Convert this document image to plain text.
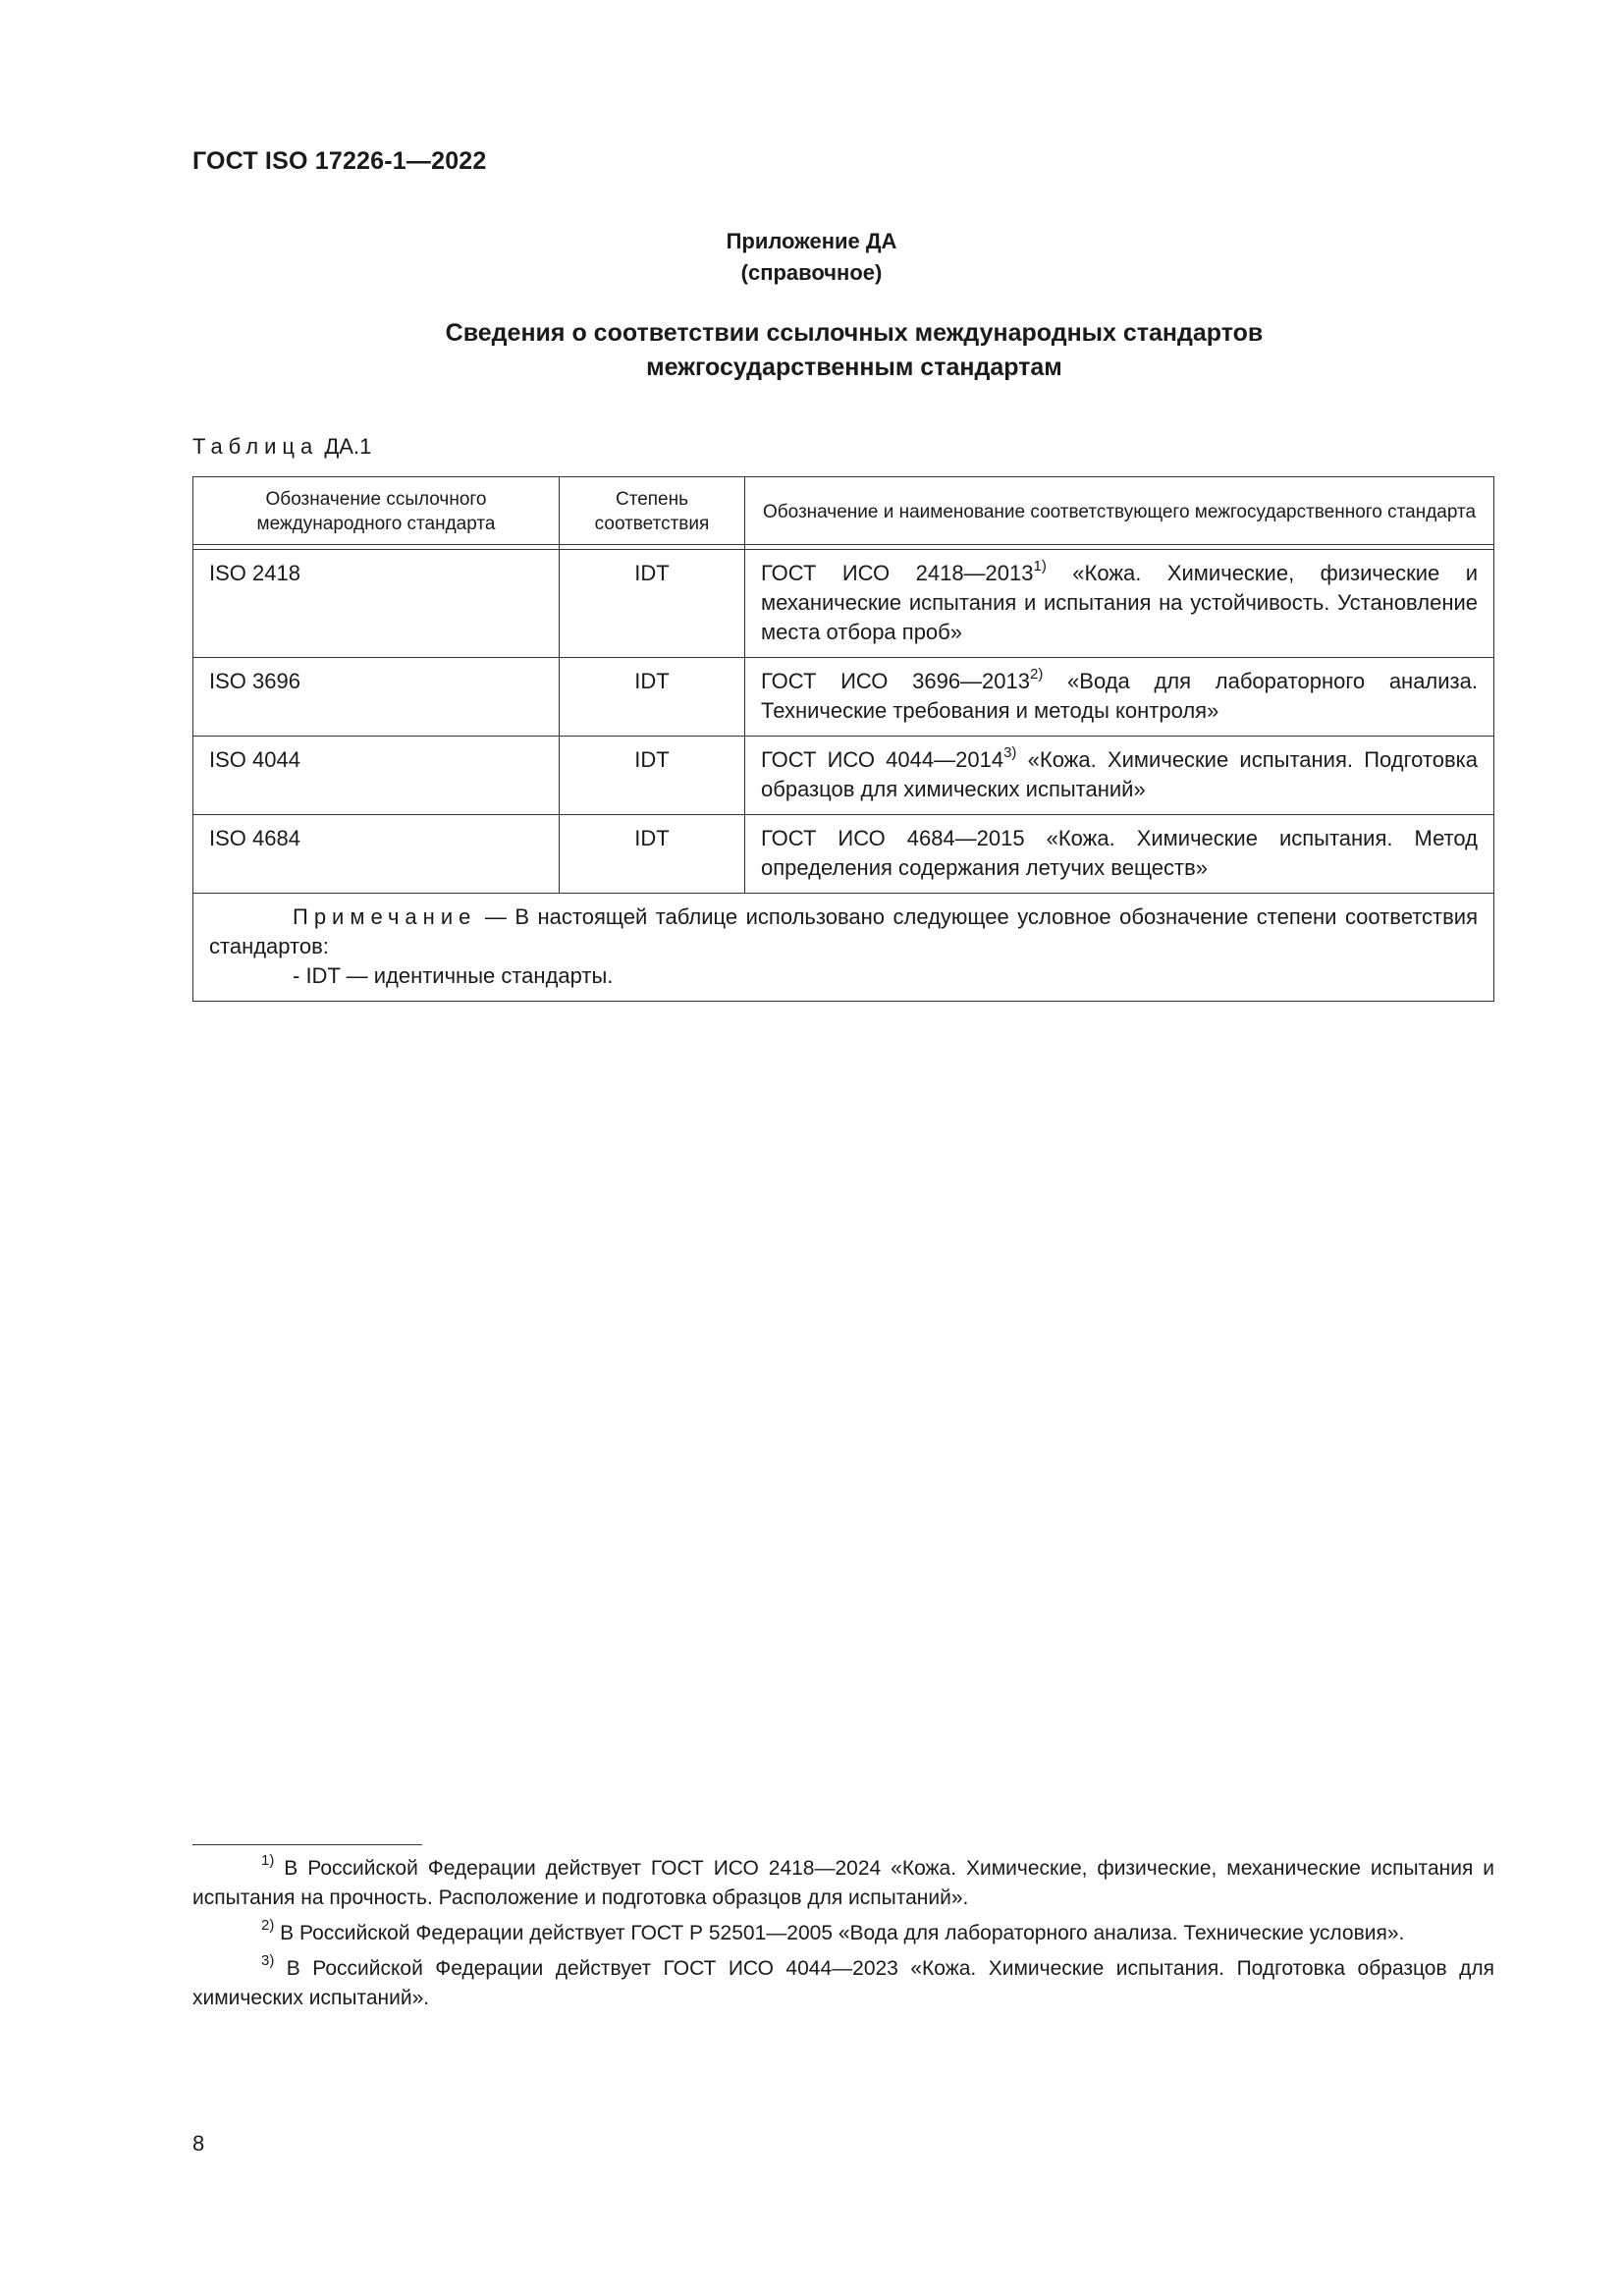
ГОСТ ISO 17226-1—2022
Приложение ДА
(справочное)
Сведения о соответствии ссылочных международных стандартов
межгосударственным стандартам
Таблица ДА.1
Обозначение ссылочного международного стандарта	Степень соответствия	Обозначение и наименование соответствующего межгосударственного стандарта

ISO 2418	IDT	ГОСТ ИСО 2418—2013$^{1)}$ «Кожа. Химические, физические и механические испытания и испытания на устойчивость. Установление места отбора проб»
ISO 3696	IDT	ГОСТ ИСО 3696—2013$^{2)}$ «Вода для лабораторного анализа. Технические требования и методы контроля»
ISO 4044	IDT	ГОСТ ИСО 4044—2014$^{3)}$ «Кожа. Химические испытания. Подготовка образцов для химических испытаний»
ISO 4684	IDT	ГОСТ ИСО 4684—2015 «Кожа. Химические испытания. Метод определения содержания летучих веществ»

Примечание — В настоящей таблице использовано следующее условное обозначение степени соответствия стандартов:
- IDT — идентичные стандарты.		
$^{1)}$ В Российской Федерации действует ГОСТ ИСО 2418—2024 «Кожа. Химические, физические, механические испытания и испытания на прочность. Расположение и подготовка образцов для испытаний».
$^{2)}$ В Российской Федерации действует ГОСТ Р 52501—2005 «Вода для лабораторного анализа. Технические условия».
$^{3)}$ В Российской Федерации действует ГОСТ ИСО 4044—2023 «Кожа. Химические испытания. Подготовка образцов для химических испытаний».
8
